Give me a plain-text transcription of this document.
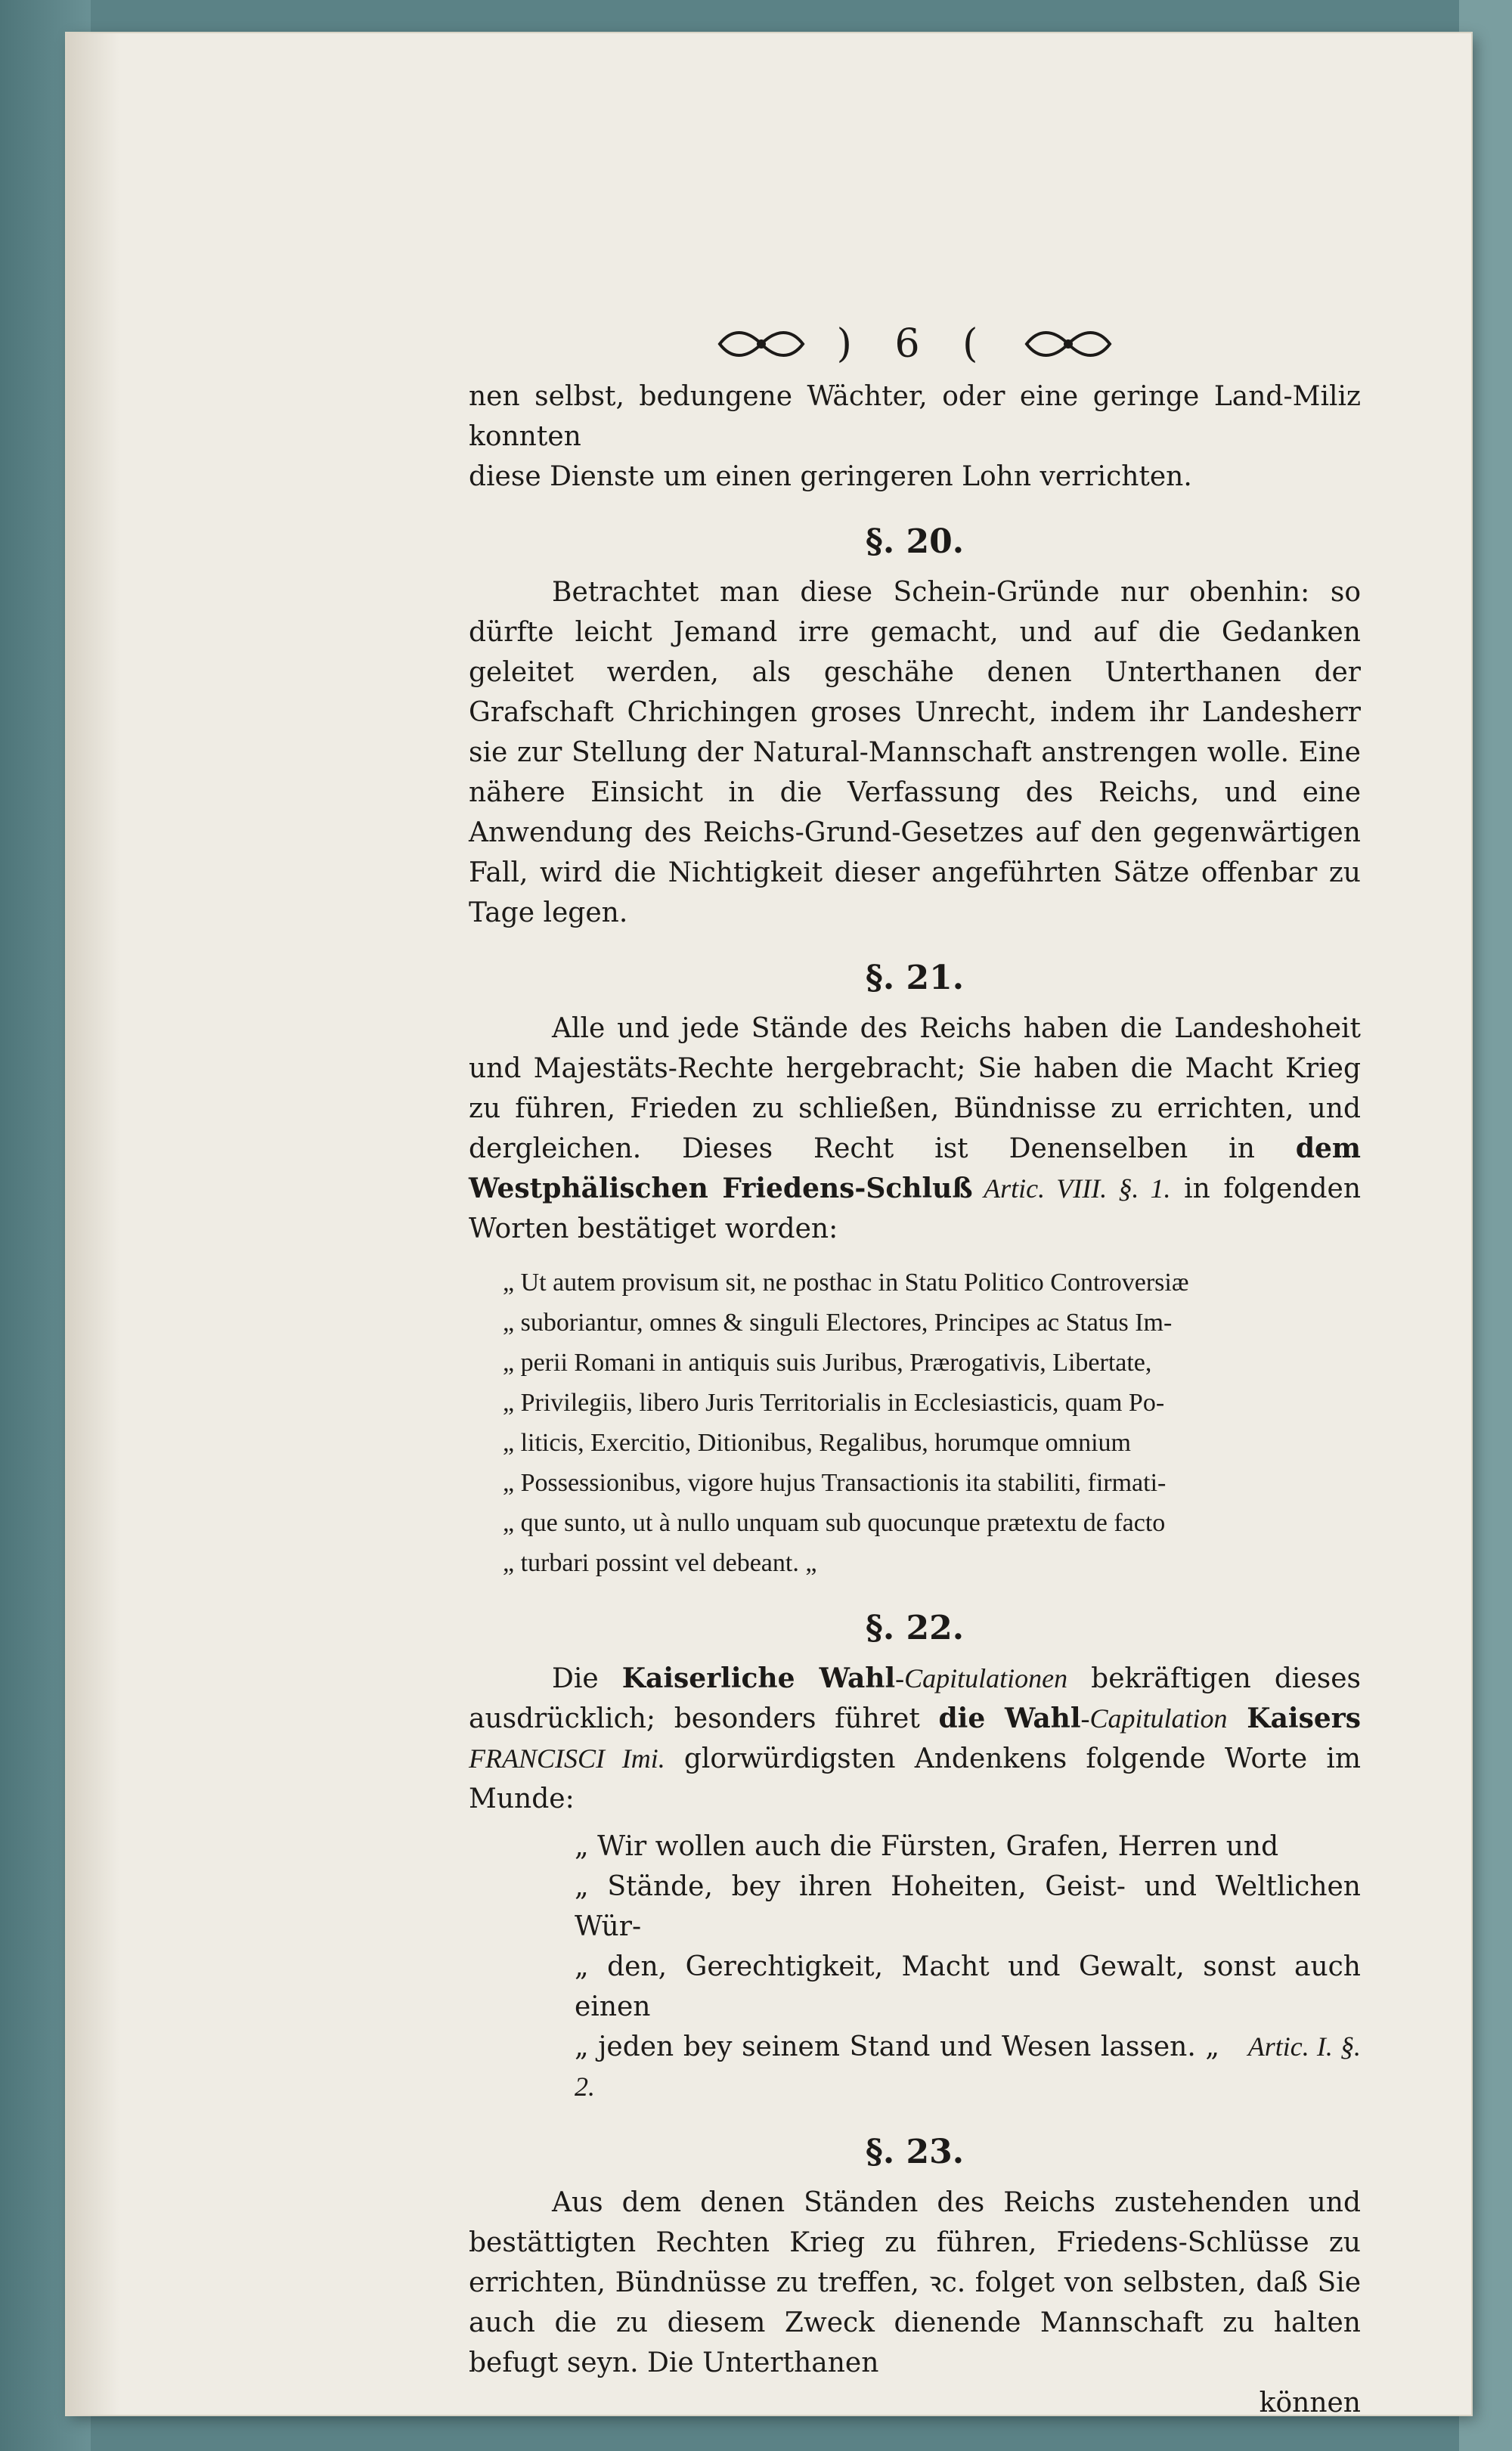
) 6 (

nen selbst, bedungene Wächter, oder eine geringe Land-Miliz konnten

diese Dienste um einen geringeren Lohn verrichten.

§. 20.

Betrachtet man diese Schein-Gründe nur obenhin: so dürfte leicht Jemand irre gemacht, und auf die Gedanken geleitet werden, als geschähe denen Unterthanen der Grafschaft Chrichingen groses Unrecht, indem ihr Landesherr sie zur Stellung der Natural-Mannschaft anstrengen wolle. Eine nähere Einsicht in die Verfassung des Reichs, und eine Anwendung des Reichs-Grund-Gesetzes auf den gegenwärtigen Fall, wird die Nichtigkeit dieser angeführten Sätze offenbar zu Tage legen.

§. 21.

Alle und jede Stände des Reichs haben die Landeshoheit und Majestäts-Rechte hergebracht; Sie haben die Macht Krieg zu führen, Frieden zu schließen, Bündnisse zu errichten, und dergleichen. Dieses Recht ist Denenselben in dem Westphälischen Friedens-Schluß Artic. VIII. §. 1. in folgenden Worten bestätiget worden:

„ Ut autem provisum sit, ne posthac in Statu Politico Controversiæ

„ suboriantur, omnes & singuli Electores, Principes ac Status Im-

„ perii Romani in antiquis suis Juribus, Prærogativis, Libertate,

„ Privilegiis, libero Juris Territorialis in Ecclesiasticis, quam Po-

„ liticis, Exercitio, Ditionibus, Regalibus, horumque omnium

„ Possessionibus, vigore hujus Transactionis ita stabiliti, firmati-

„ que sunto, ut à nullo unquam sub quocunque prætextu de facto

„ turbari possint vel debeant. „

§. 22.

Die Kaiserliche Wahl-Capitulationen bekräftigen dieses ausdrücklich; besonders führet die Wahl-Capitulation Kaisers FRANCISCI Imi. glorwürdigsten Andenkens folgende Worte im Munde:

„ Wir wollen auch die Fürsten, Grafen, Herren und

„ Stände, bey ihren Hoheiten, Geist- und Weltlichen Wür-

„ den, Gerechtigkeit, Macht und Gewalt, sonst auch einen

„ jeden bey seinem Stand und Wesen lassen. „ Artic. I. §. 2.

§. 23.

Aus dem denen Ständen des Reichs zustehenden und bestättigten Rechten Krieg zu führen, Friedens-Schlüsse zu errichten, Bündnüsse zu treffen, ꝛc. folget von selbsten, daß Sie auch die zu diesem Zweck dienende Mannschaft zu halten befugt seyn. Die Unterthanen

können
